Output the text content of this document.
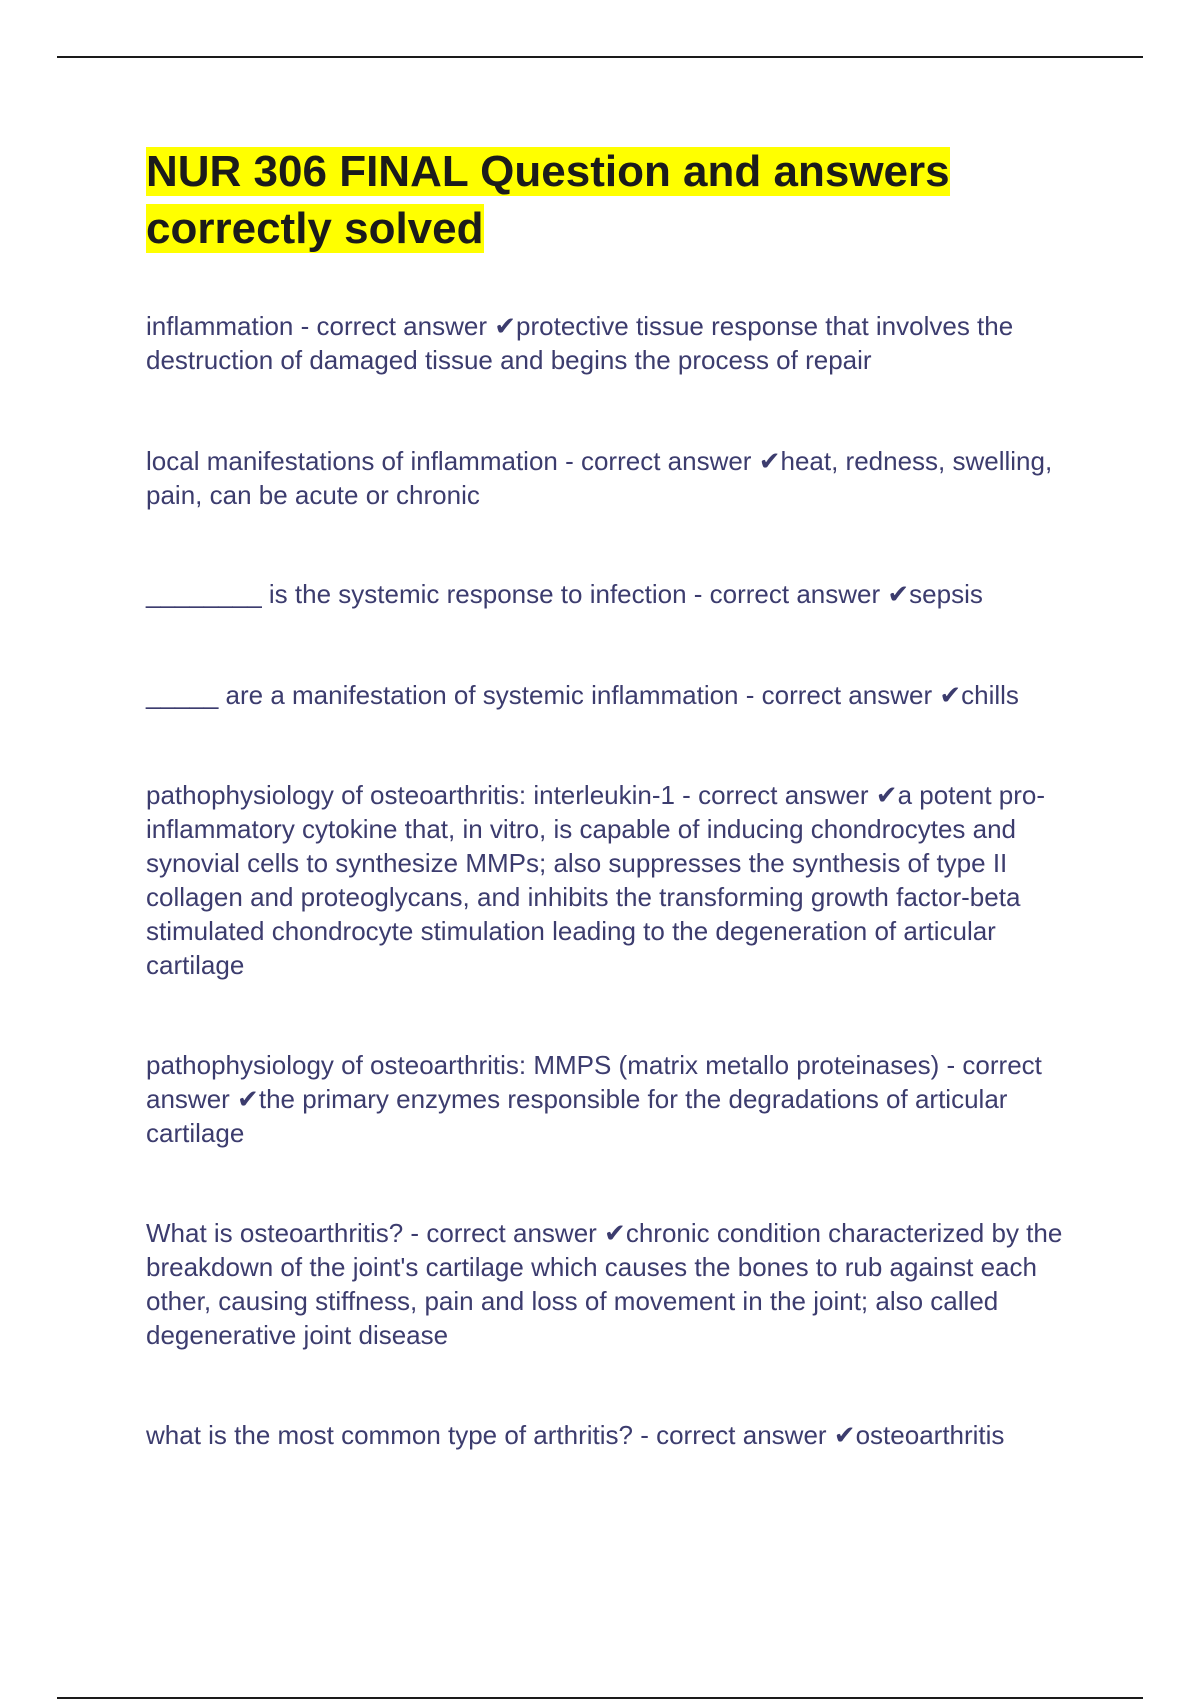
NUR 306 FINAL Question and answers correctly solved
inflammation - correct answer ✔protective tissue response that involves the destruction of damaged tissue and begins the process of repair
local manifestations of inflammation - correct answer ✔heat, redness, swelling, pain, can be acute or chronic
________ is the systemic response to infection - correct answer ✔sepsis
_____ are a manifestation of systemic inflammation - correct answer ✔chills
pathophysiology of osteoarthritis: interleukin-1 - correct answer ✔a potent pro-inflammatory cytokine that, in vitro, is capable of inducing chondrocytes and synovial cells to synthesize MMPs; also suppresses the synthesis of type II collagen and proteoglycans, and inhibits the transforming growth factor-beta stimulated chondrocyte stimulation leading to the degeneration of articular cartilage
pathophysiology of osteoarthritis: MMPS (matrix metallo proteinases) - correct answer ✔the primary enzymes responsible for the degradations of articular cartilage
What is osteoarthritis? - correct answer ✔chronic condition characterized by the breakdown of the joint's cartilage which causes the bones to rub against each other, causing stiffness, pain and loss of movement in the joint; also called degenerative joint disease
what is the most common type of arthritis? - correct answer ✔osteoarthritis
